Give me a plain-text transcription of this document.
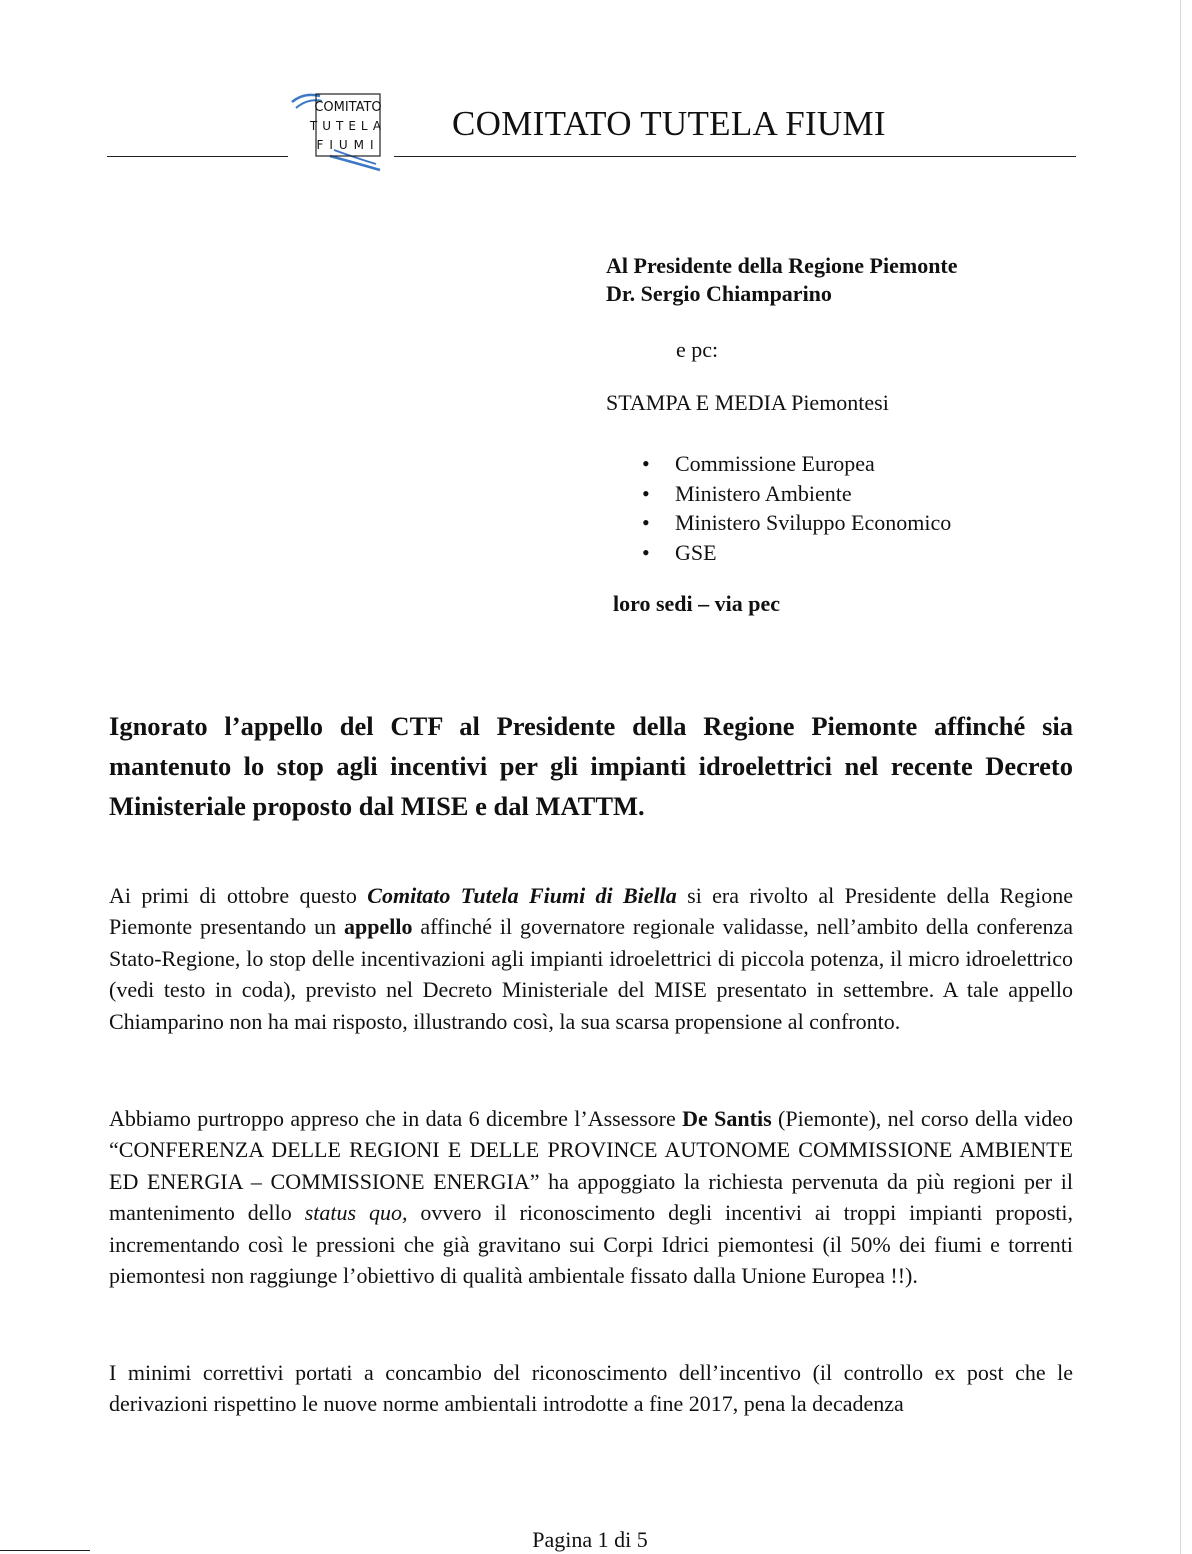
COMITATO
TUTELA
FIUMI
COMITATO TUTELA FIUMI
Al Presidente della Regione Piemonte
Dr. Sergio Chiamparino
e pc:
STAMPA E MEDIA Piemontesi
• Commissione Europea
• Ministero Ambiente
• Ministero Sviluppo Economico
• GSE
loro sedi – via pec
Ignorato l’appello del CTF al Presidente della Regione Piemonte affinché sia mantenuto lo stop agli incentivi per gli impianti idroelettrici nel recente Decreto Ministeriale proposto dal MISE e dal MATTM.
Ai primi di ottobre questo Comitato Tutela Fiumi di Biella si era rivolto al Presidente della Regione Piemonte presentando un appello affinché il governatore regionale validasse, nell’ambito della conferenza Stato-Regione, lo stop delle incentivazioni agli impianti idroelettrici di piccola potenza, il micro idroelettrico (vedi testo in coda), previsto nel Decreto Ministeriale del MISE presentato in settembre. A tale appello Chiamparino non ha mai risposto, illustrando così, la sua scarsa propensione al confronto.
Abbiamo purtroppo appreso che in data 6 dicembre l’Assessore De Santis (Piemonte), nel corso della video “CONFERENZA DELLE REGIONI E DELLE PROVINCE AUTONOME COMMISSIONE AMBIENTE ED ENERGIA – COMMISSIONE ENERGIA” ha appoggiato la richiesta pervenuta da più regioni per il mantenimento dello status quo, ovvero il riconoscimento degli incentivi ai troppi impianti proposti, incrementando così le pressioni che già gravitano sui Corpi Idrici piemontesi (il 50% dei fiumi e torrenti piemontesi non raggiunge l’obiettivo di qualità ambientale fissato dalla Unione Europea !!).
I minimi correttivi portati a concambio del riconoscimento dell’incentivo (il controllo ex post che le derivazioni rispettino le nuove norme ambientali introdotte a fine 2017, pena la decadenza
Pagina 1 di 5
